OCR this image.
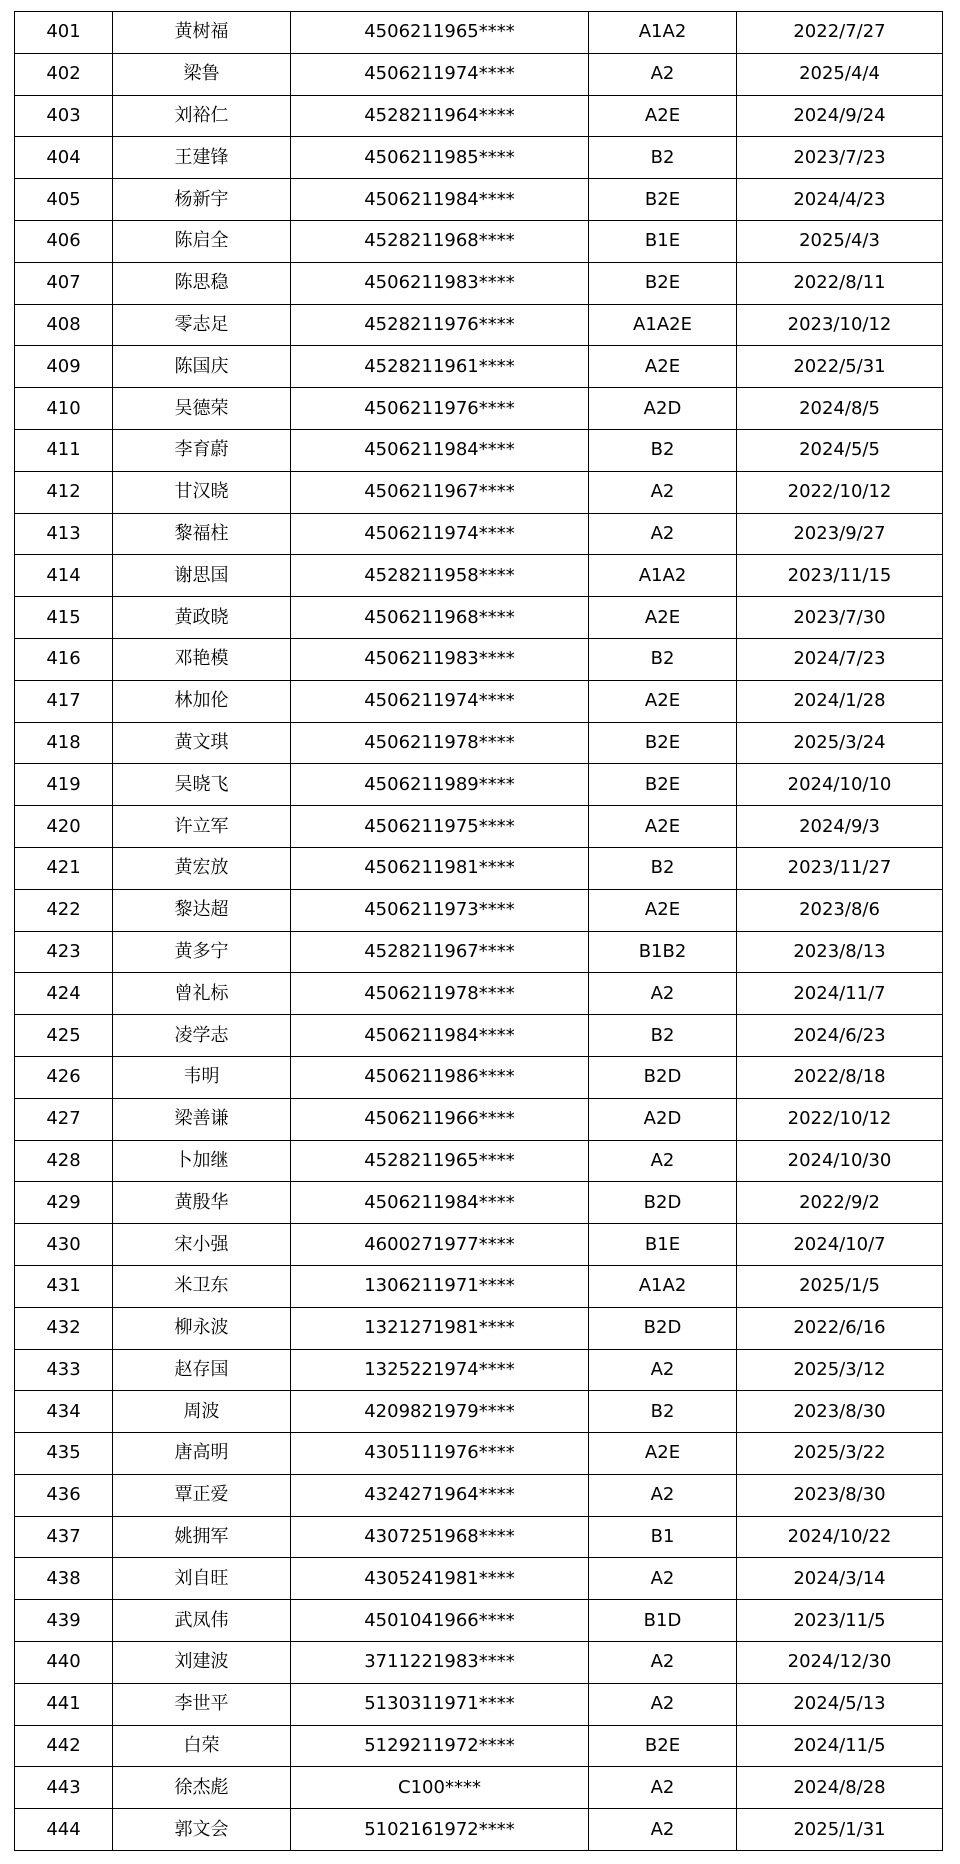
401	黄树福	4506211965****	A1A2	2022/7/27
402	梁鲁	4506211974****	A2	2025/4/4
403	刘裕仁	4528211964****	A2E	2024/9/24
404	王建锋	4506211985****	B2	2023/7/23
405	杨新宇	4506211984****	B2E	2024/4/23
406	陈启全	4528211968****	B1E	2025/4/3
407	陈思稳	4506211983****	B2E	2022/8/11
408	零志足	4528211976****	A1A2E	2023/10/12
409	陈国庆	4528211961****	A2E	2022/5/31
410	吴德荣	4506211976****	A2D	2024/8/5
411	李育蔚	4506211984****	B2	2024/5/5
412	甘汉晓	4506211967****	A2	2022/10/12
413	黎福柱	4506211974****	A2	2023/9/27
414	谢思国	4528211958****	A1A2	2023/11/15
415	黄政晓	4506211968****	A2E	2023/7/30
416	邓艳模	4506211983****	B2	2024/7/23
417	林加伦	4506211974****	A2E	2024/1/28
418	黄文琪	4506211978****	B2E	2025/3/24
419	吴晓飞	4506211989****	B2E	2024/10/10
420	许立军	4506211975****	A2E	2024/9/3
421	黄宏放	4506211981****	B2	2023/11/27
422	黎达超	4506211973****	A2E	2023/8/6
423	黄多宁	4528211967****	B1B2	2023/8/13
424	曾礼标	4506211978****	A2	2024/11/7
425	凌学志	4506211984****	B2	2024/6/23
426	韦明	4506211986****	B2D	2022/8/18
427	梁善谦	4506211966****	A2D	2022/10/12
428	卜加继	4528211965****	A2	2024/10/30
429	黄殷华	4506211984****	B2D	2022/9/2
430	宋小强	4600271977****	B1E	2024/10/7
431	米卫东	1306211971****	A1A2	2025/1/5
432	柳永波	1321271981****	B2D	2022/6/16
433	赵存国	1325221974****	A2	2025/3/12
434	周波	4209821979****	B2	2023/8/30
435	唐高明	4305111976****	A2E	2025/3/22
436	覃正爱	4324271964****	A2	2023/8/30
437	姚拥军	4307251968****	B1	2024/10/22
438	刘自旺	4305241981****	A2	2024/3/14
439	武凤伟	4501041966****	B1D	2023/11/5
440	刘建波	3711221983****	A2	2024/12/30
441	李世平	5130311971****	A2	2024/5/13
442	白荣	5129211972****	B2E	2024/11/5
443	徐杰彪	C100****	A2	2024/8/28
444	郭文会	5102161972****	A2	2025/1/31
